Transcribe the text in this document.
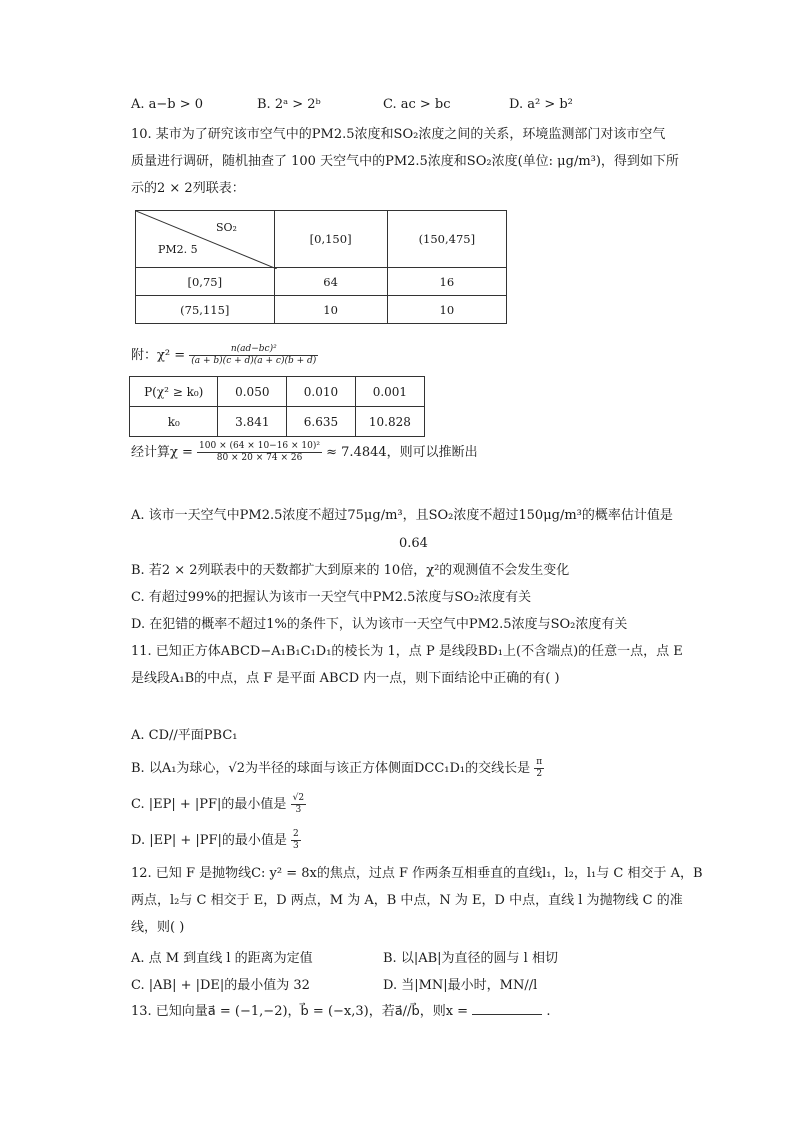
A. a−b > 0	B. 2ᵃ > 2ᵇ	C. ac > bc	D. a² > b²
10. 某市为了研究该市空气中的PM2.5浓度和SO₂浓度之间的关系，环境监测部门对该市空气
质量进行调研，随机抽查了 100 天空气中的PM2.5浓度和SO₂浓度(单位: μg/m³)，得到如下所
示的2 × 2列联表：
SO₂
PM2. 5	[0,150]	(150,475]
[0,75]	64	16
(75,115]	10	10
附：$\chi^2 = \frac{\text{n(ad−bc)²}}{(a + b)(c + d)(a + c)(b + d)}$
P(χ² ≥ k₀)	0.050	0.010	0.001
k₀	3.841	6.635	10.828
经计算$\chi = \frac{\text{100 × (64 × 10−16 × 10)²}}{80 \times 20 \times 74 \times 26} \approx 7.4844$，则可以推断出
A. 该市一天空气中PM2.5浓度不超过75μg/m³，且SO₂浓度不超过150μg/m³的概率估计值是
0.64
B. 若2 × 2列联表中的天数都扩大到原来的 10倍，χ²的观测值不会发生变化
C. 有超过99%的把握认为该市一天空气中PM2.5浓度与SO₂浓度有关
D. 在犯错的概率不超过1%的条件下，认为该市一天空气中PM2.5浓度与SO₂浓度有关
11. 已知正方体ABCD−A₁B₁C₁D₁的棱长为 1，点 P 是线段BD₁上(不含端点)的任意一点，点 E
是线段A₁B的中点，点 F 是平面 ABCD 内一点，则下面结论中正确的有( )
A. CD//平面PBC₁
B. 以A₁为球心，√2为半径的球面与该正方体侧面DCC₁D₁的交线长是 $\frac{\pi}{2}$
C. |EP| + |PF|的最小值是 $\frac{√2}{3}$
D. |EP| + |PF|的最小值是 $\frac{2}{3}$
12. 已知 F 是抛物线C: y² = 8x的焦点，过点 F 作两条互相垂直的直线l₁，l₂，l₁与 C 相交于 A，B
两点，l₂与 C 相交于 E，D 两点，M 为 A，B 中点，N 为 E，D 中点，直线 l 为抛物线 C 的准
线，则( )
A. 点 M 到直线 l 的距离为定值	B. 以|AB|为直径的圆与 l 相切
C. |AB| + |DE|的最小值为 32	D. 当|MN|最小时，MN//l
13. 已知向量a⃗ = (−1,−2)，b⃗ = (−x,3)，若a⃗//b⃗，则x =	.
